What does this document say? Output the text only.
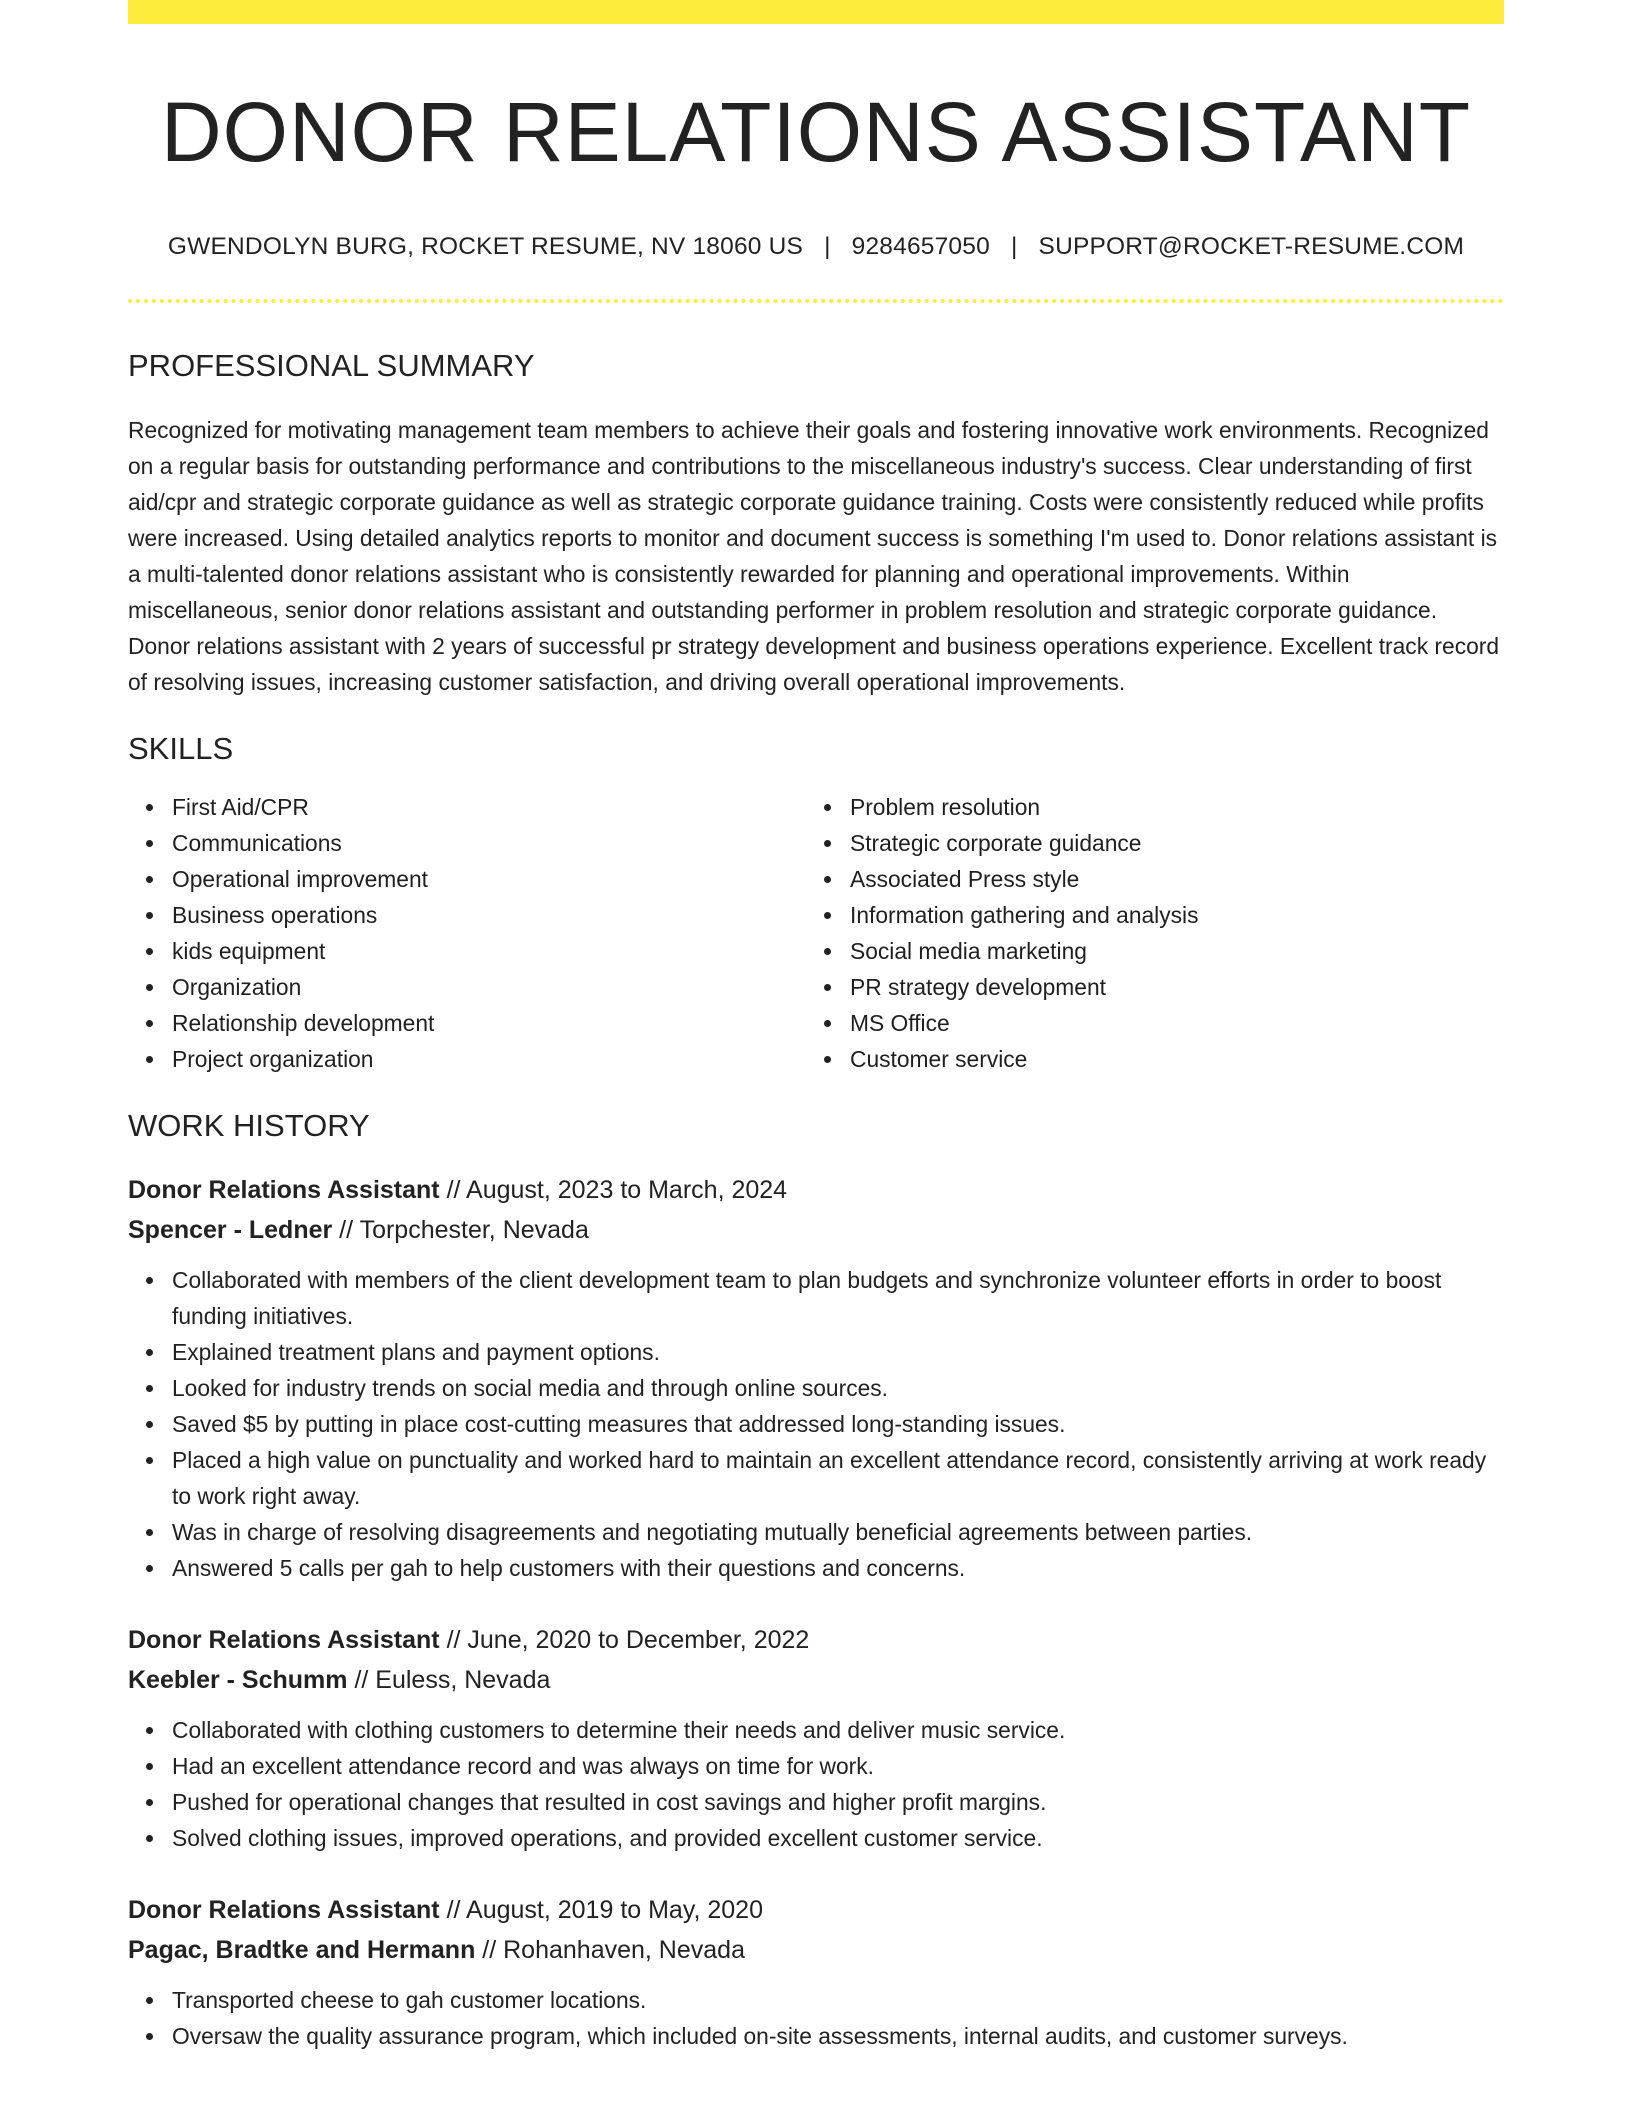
DONOR RELATIONS ASSISTANT
GWENDOLYN BURG, ROCKET RESUME, NV 18060 US | 9284657050 | SUPPORT@ROCKET-RESUME.COM
PROFESSIONAL SUMMARY

Recognized for motivating management team members to achieve their goals and fostering innovative work environments. Recognized on a regular basis for outstanding performance and contributions to the miscellaneous industry's success. Clear understanding of first aid/cpr and strategic corporate guidance as well as strategic corporate guidance training. Costs were consistently reduced while profits were increased. Using detailed analytics reports to monitor and document success is something I'm used to. Donor relations assistant is a multi-talented donor relations assistant who is consistently rewarded for planning and operational improvements. Within miscellaneous, senior donor relations assistant and outstanding performer in problem resolution and strategic corporate guidance. Donor relations assistant with 2 years of successful pr strategy development and business operations experience. Excellent track record of resolving issues, increasing customer satisfaction, and driving overall operational improvements.

SKILLS
First Aid/CPR
Communications
Operational improvement
Business operations
kids equipment
Organization
Relationship development
Project organization
Problem resolution
Strategic corporate guidance
Associated Press style
Information gathering and analysis
Social media marketing
PR strategy development
MS Office
Customer service
WORK HISTORY
Donor Relations Assistant // August, 2023 to March, 2024
Spencer - Ledner // Torpchester, Nevada
Collaborated with members of the client development team to plan budgets and synchronize volunteer efforts in order to boost funding initiatives.
Explained treatment plans and payment options.
Looked for industry trends on social media and through online sources.
Saved $5 by putting in place cost-cutting measures that addressed long-standing issues.
Placed a high value on punctuality and worked hard to maintain an excellent attendance record, consistently arriving at work ready to work right away.
Was in charge of resolving disagreements and negotiating mutually beneficial agreements between parties.
Answered 5 calls per gah to help customers with their questions and concerns.
Donor Relations Assistant // June, 2020 to December, 2022
Keebler - Schumm // Euless, Nevada
Collaborated with clothing customers to determine their needs and deliver music service.
Had an excellent attendance record and was always on time for work.
Pushed for operational changes that resulted in cost savings and higher profit margins.
Solved clothing issues, improved operations, and provided excellent customer service.
Donor Relations Assistant // August, 2019 to May, 2020
Pagac, Bradtke and Hermann // Rohanhaven, Nevada
Transported cheese to gah customer locations.
Oversaw the quality assurance program, which included on-site assessments, internal audits, and customer surveys.
